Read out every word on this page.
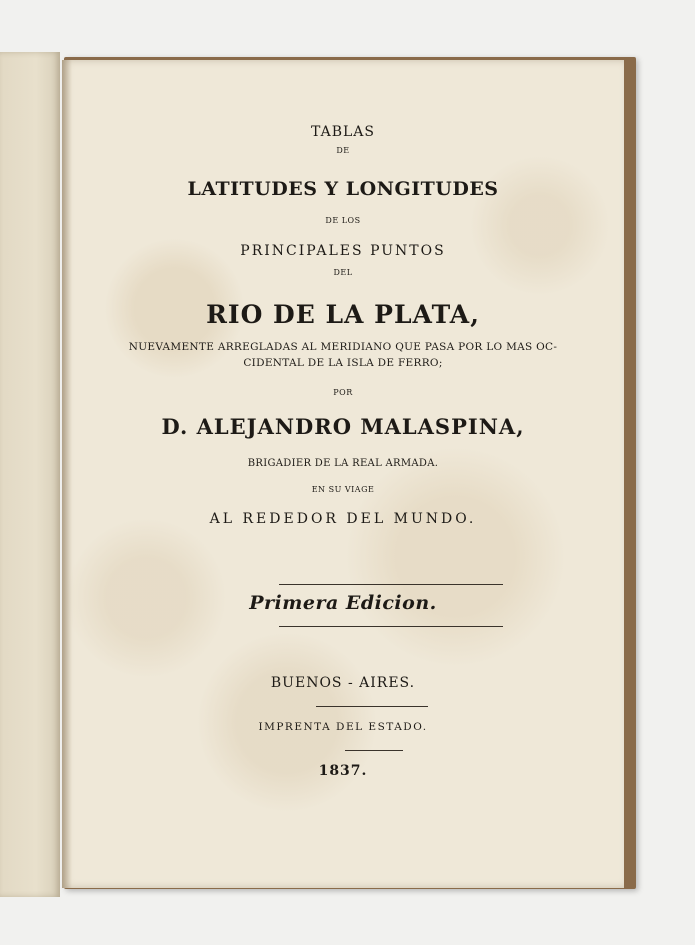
TABLAS
DE
LATITUDES Y LONGITUDES
DE LOS
PRINCIPALES PUNTOS
DEL
RIO DE LA PLATA,
NUEVAMENTE ARREGLADAS AL MERIDIANO QUE PASA POR LO MAS OC-
CIDENTAL DE LA ISLA DE FERRO;
POR
D. ALEJANDRO MALASPINA,
BRIGADIER DE LA REAL ARMADA.
EN SU VIAGE
AL REDEDOR DEL MUNDO.
Primera Edicion.
BUENOS - AIRES.
IMPRENTA DEL ESTADO.
1837.
